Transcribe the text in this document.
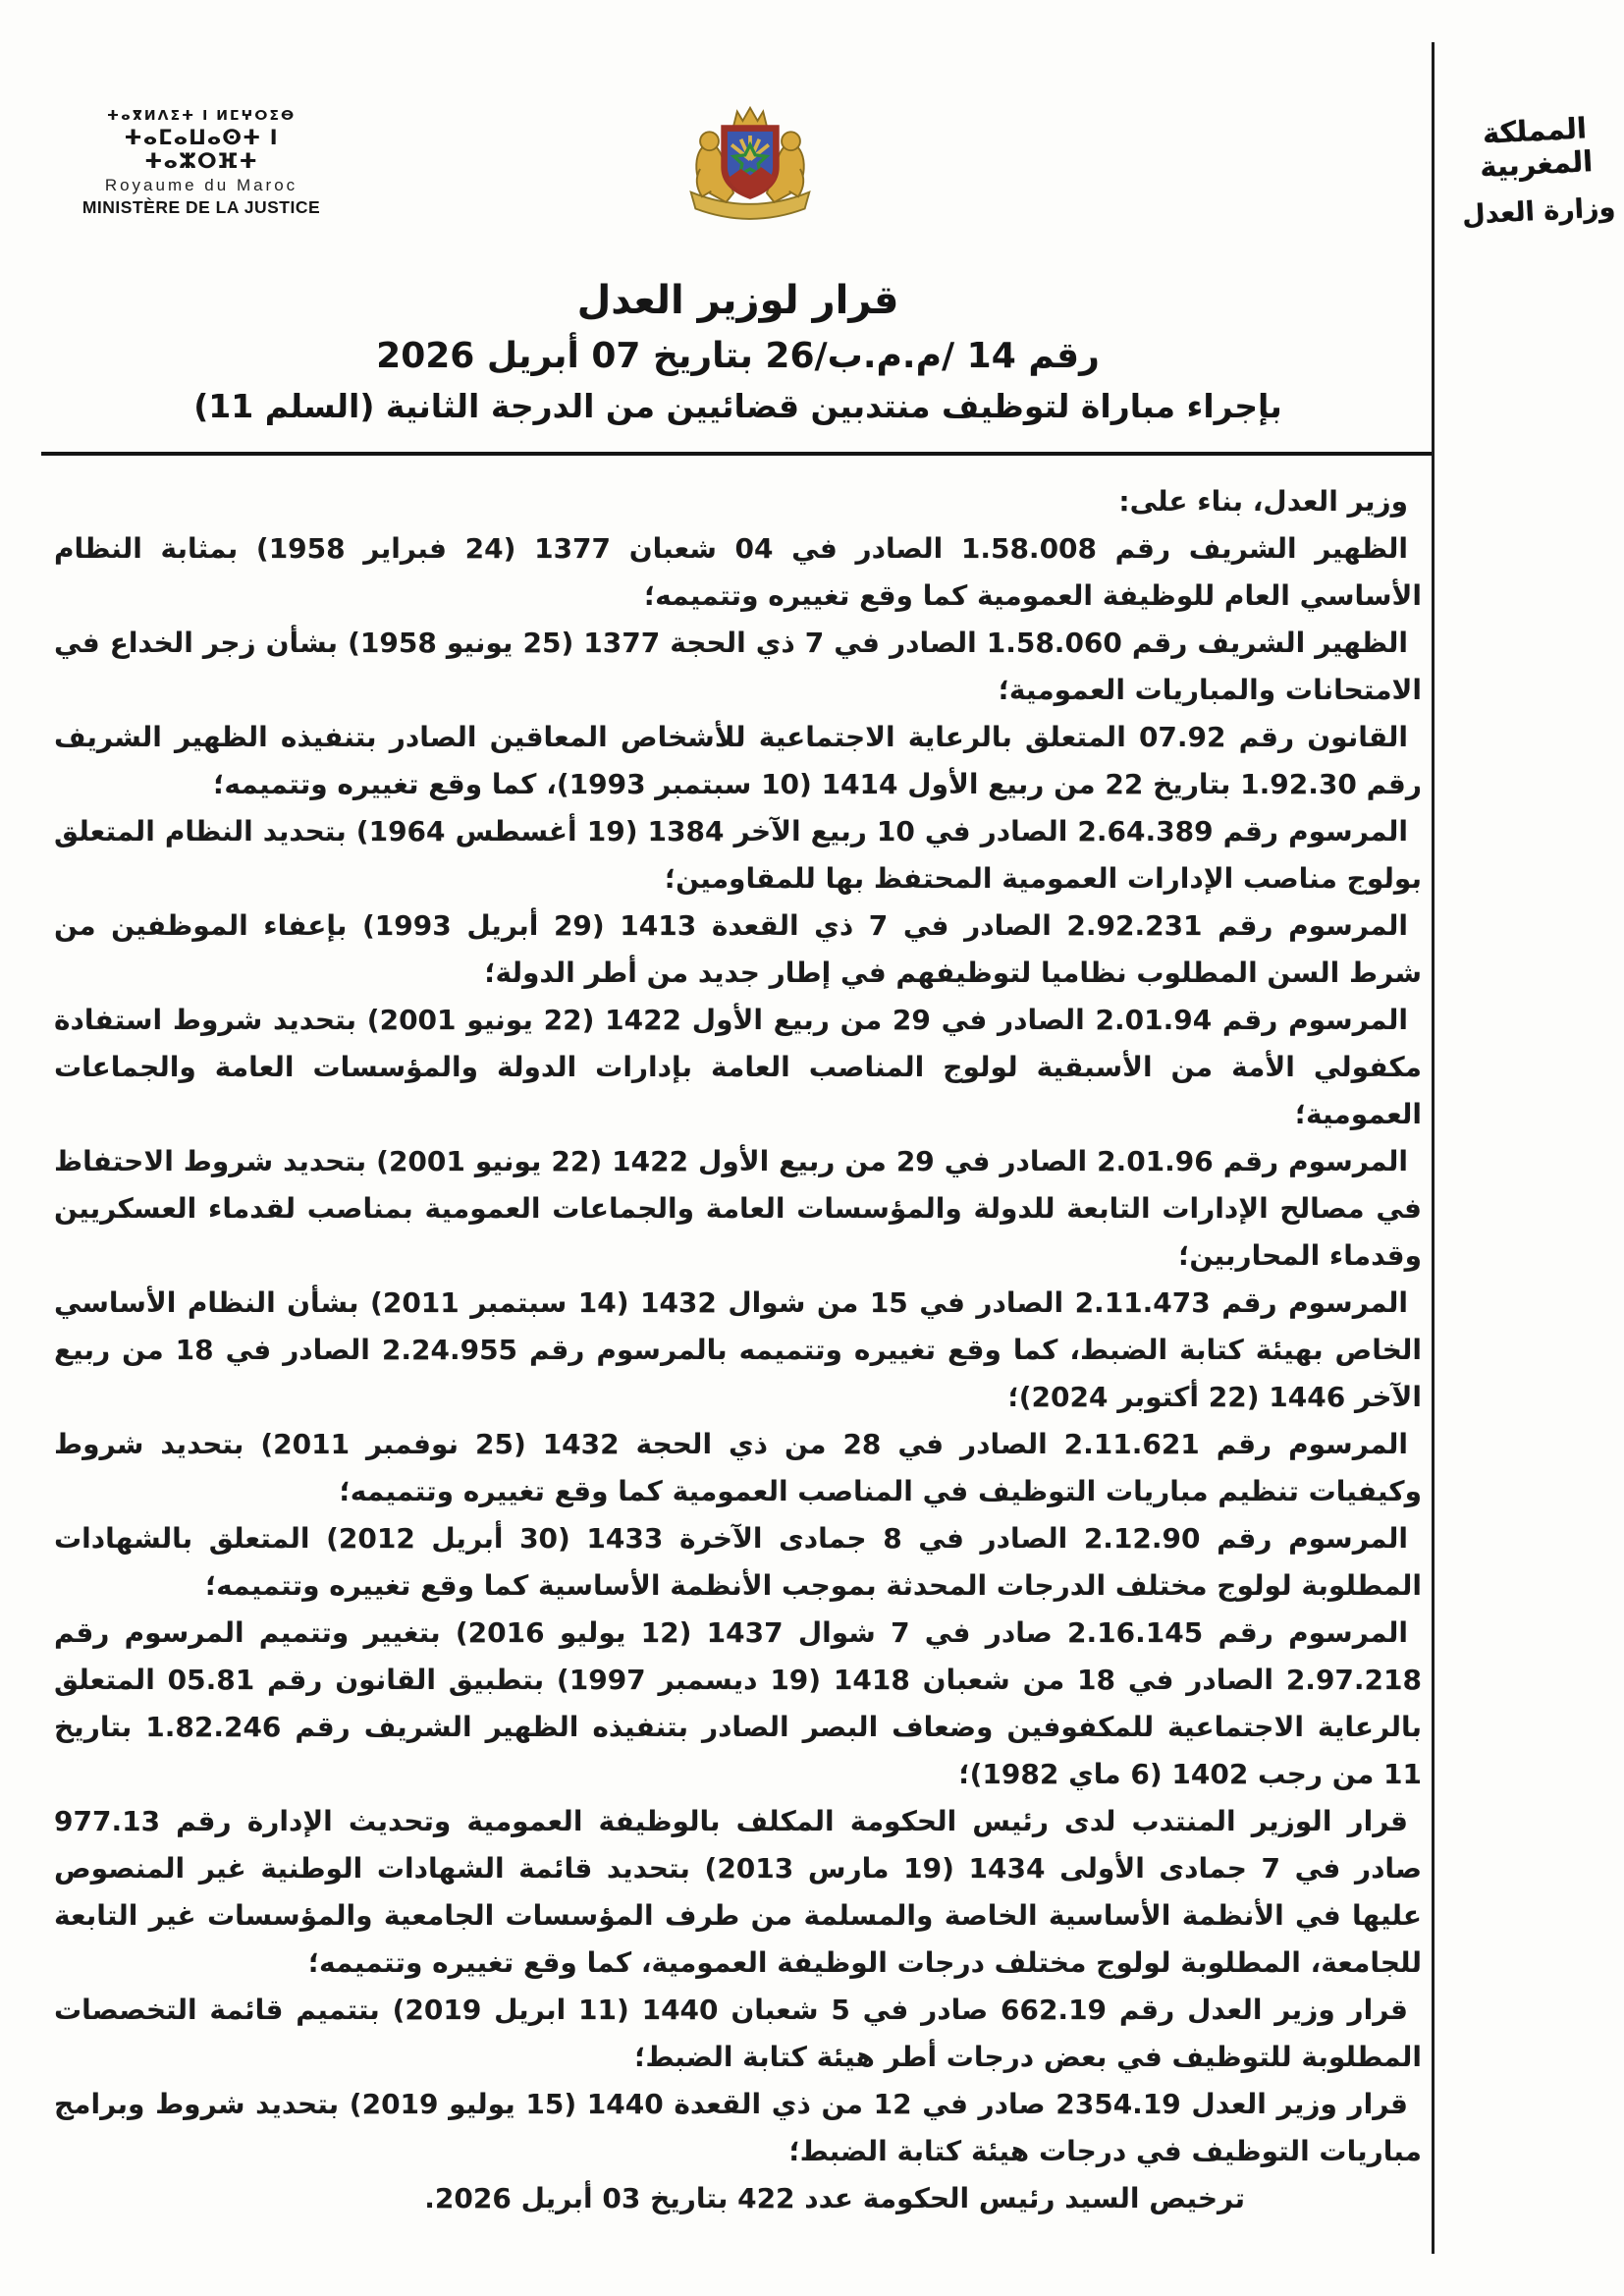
ⵜⴰⴳⵍⴷⵉⵜ ⵏ ⵍⵎⵖⵔⵉⴱ
ⵜⴰⵎⴰⵡⴰⵙⵜ ⵏ ⵜⴰⵣⵔⴼⵜ
Royaume du Maroc
MINISTÈRE DE LA JUSTICE
المملكة المغربية
وزارة العدل
قرار لوزير العدل
رقم 14 /م.م.ب/26 بتاريخ 07 أبريل 2026
بإجراء مباراة لتوظيف منتدبين قضائيين من الدرجة الثانية (السلم 11)

وزير العدل، بناء على:

الظهير الشريف رقم 1.58.008 الصادر في 04 شعبان 1377 (24 فبراير 1958) بمثابة النظام الأساسي العام للوظيفة العمومية كما وقع تغييره وتتميمه؛

الظهير الشريف رقم 1.58.060 الصادر في 7 ذي الحجة 1377 (25 يونيو 1958) بشأن زجر الخداع في الامتحانات والمباريات العمومية؛

القانون رقم 07.92 المتعلق بالرعاية الاجتماعية للأشخاص المعاقين الصادر بتنفيذه الظهير الشريف رقم 1.92.30 بتاريخ 22 من ربيع الأول 1414 (10 سبتمبر 1993)، كما وقع تغييره وتتميمه؛

المرسوم رقم 2.64.389 الصادر في 10 ربيع الآخر 1384 (19 أغسطس 1964) بتحديد النظام المتعلق بولوج مناصب الإدارات العمومية المحتفظ بها للمقاومين؛

المرسوم رقم 2.92.231 الصادر في 7 ذي القعدة 1413 (29 أبريل 1993) بإعفاء الموظفين من شرط السن المطلوب نظاميا لتوظيفهم في إطار جديد من أطر الدولة؛

المرسوم رقم 2.01.94 الصادر في 29 من ربيع الأول 1422 (22 يونيو 2001) بتحديد شروط استفادة مكفولي الأمة من الأسبقية لولوج المناصب العامة بإدارات الدولة والمؤسسات العامة والجماعات العمومية؛

المرسوم رقم 2.01.96 الصادر في 29 من ربيع الأول 1422 (22 يونيو 2001) بتحديد شروط الاحتفاظ في مصالح الإدارات التابعة للدولة والمؤسسات العامة والجماعات العمومية بمناصب لقدماء العسكريين وقدماء المحاربين؛

المرسوم رقم 2.11.473 الصادر في 15 من شوال 1432 (14 سبتمبر 2011) بشأن النظام الأساسي الخاص بهيئة كتابة الضبط، كما وقع تغييره وتتميمه بالمرسوم رقم 2.24.955 الصادر في 18 من ربيع الآخر 1446 (22 أكتوبر 2024)؛

المرسوم رقم 2.11.621 الصادر في 28 من ذي الحجة 1432 (25 نوفمبر 2011) بتحديد شروط وكيفيات تنظيم مباريات التوظيف في المناصب العمومية كما وقع تغييره وتتميمه؛

المرسوم رقم 2.12.90 الصادر في 8 جمادى الآخرة 1433 (30 أبريل 2012) المتعلق بالشهادات المطلوبة لولوج مختلف الدرجات المحدثة بموجب الأنظمة الأساسية كما وقع تغييره وتتميمه؛

المرسوم رقم 2.16.145 صادر في 7 شوال 1437 (12 يوليو 2016) بتغيير وتتميم المرسوم رقم 2.97.218 الصادر في 18 من شعبان 1418 (19 ديسمبر 1997) بتطبيق القانون رقم 05.81 المتعلق بالرعاية الاجتماعية للمكفوفين وضعاف البصر الصادر بتنفيذه الظهير الشريف رقم 1.82.246 بتاريخ 11 من رجب 1402 (6 ماي 1982)؛

قرار الوزير المنتدب لدى رئيس الحكومة المكلف بالوظيفة العمومية وتحديث الإدارة رقم 977.13 صادر في 7 جمادى الأولى 1434 (19 مارس 2013) بتحديد قائمة الشهادات الوطنية غير المنصوص عليها في الأنظمة الأساسية الخاصة والمسلمة من طرف المؤسسات الجامعية والمؤسسات غير التابعة للجامعة، المطلوبة لولوج مختلف درجات الوظيفة العمومية، كما وقع تغييره وتتميمه؛

قرار وزير العدل رقم 662.19 صادر في 5 شعبان 1440 (11 ابريل 2019) بتتميم قائمة التخصصات المطلوبة للتوظيف في بعض درجات أطر هيئة كتابة الضبط؛

قرار وزير العدل 2354.19 صادر في 12 من ذي القعدة 1440 (15 يوليو 2019) بتحديد شروط وبرامج مباريات التوظيف في درجات هيئة كتابة الضبط؛

ترخيص السيد رئيس الحكومة عدد 422 بتاريخ 03 أبريل 2026.
